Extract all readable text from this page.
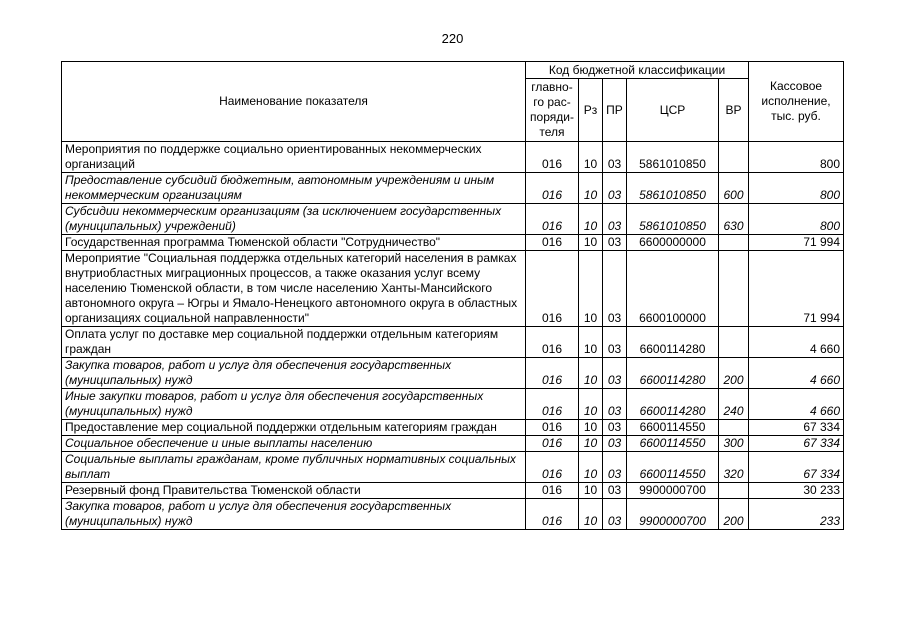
220
Наименование показателя	Код бюджетной классификации					Кассовое исполнение, тыс. руб.
	главно-го рас-поряди-теля	Рз	ПР	ЦСР	ВР	
Мероприятия по поддержке социально ориентированных некоммерческих организаций	016	10	03	5861010850		800
Предоставление субсидий бюджетным, автономным учреждениям и иным некоммерческим организациям	016	10	03	5861010850	600	800
Субсидии некоммерческим организациям (за исключением государственных (муниципальных) учреждений)	016	10	03	5861010850	630	800
Государственная программа Тюменской области "Сотрудничество"	016	10	03	6600000000		71 994
Мероприятие "Социальная поддержка отдельных категорий населения в рамках внутриобластных миграционных процессов, а также оказания услуг всему населению Тюменской области, в том числе населению Ханты-Мансийского автономного округа – Югры и Ямало-Ненецкого автономного округа в областных организациях социальной направленности"	016	10	03	6600100000		71 994
Оплата услуг по доставке мер социальной поддержки отдельным категориям граждан	016	10	03	6600114280		4 660
Закупка товаров, работ и услуг для обеспечения государственных (муниципальных) нужд	016	10	03	6600114280	200	4 660
Иные закупки товаров, работ и услуг для обеспечения государственных (муниципальных) нужд	016	10	03	6600114280	240	4 660
Предоставление мер социальной поддержки отдельным категориям граждан	016	10	03	6600114550		67 334
Социальное обеспечение и иные выплаты населению	016	10	03	6600114550	300	67 334
Социальные выплаты гражданам, кроме публичных нормативных социальных выплат	016	10	03	6600114550	320	67 334
Резервный фонд Правительства Тюменской области	016	10	03	9900000700		30 233
Закупка товаров, работ и услуг для обеспечения государственных (муниципальных) нужд	016	10	03	9900000700	200	233
